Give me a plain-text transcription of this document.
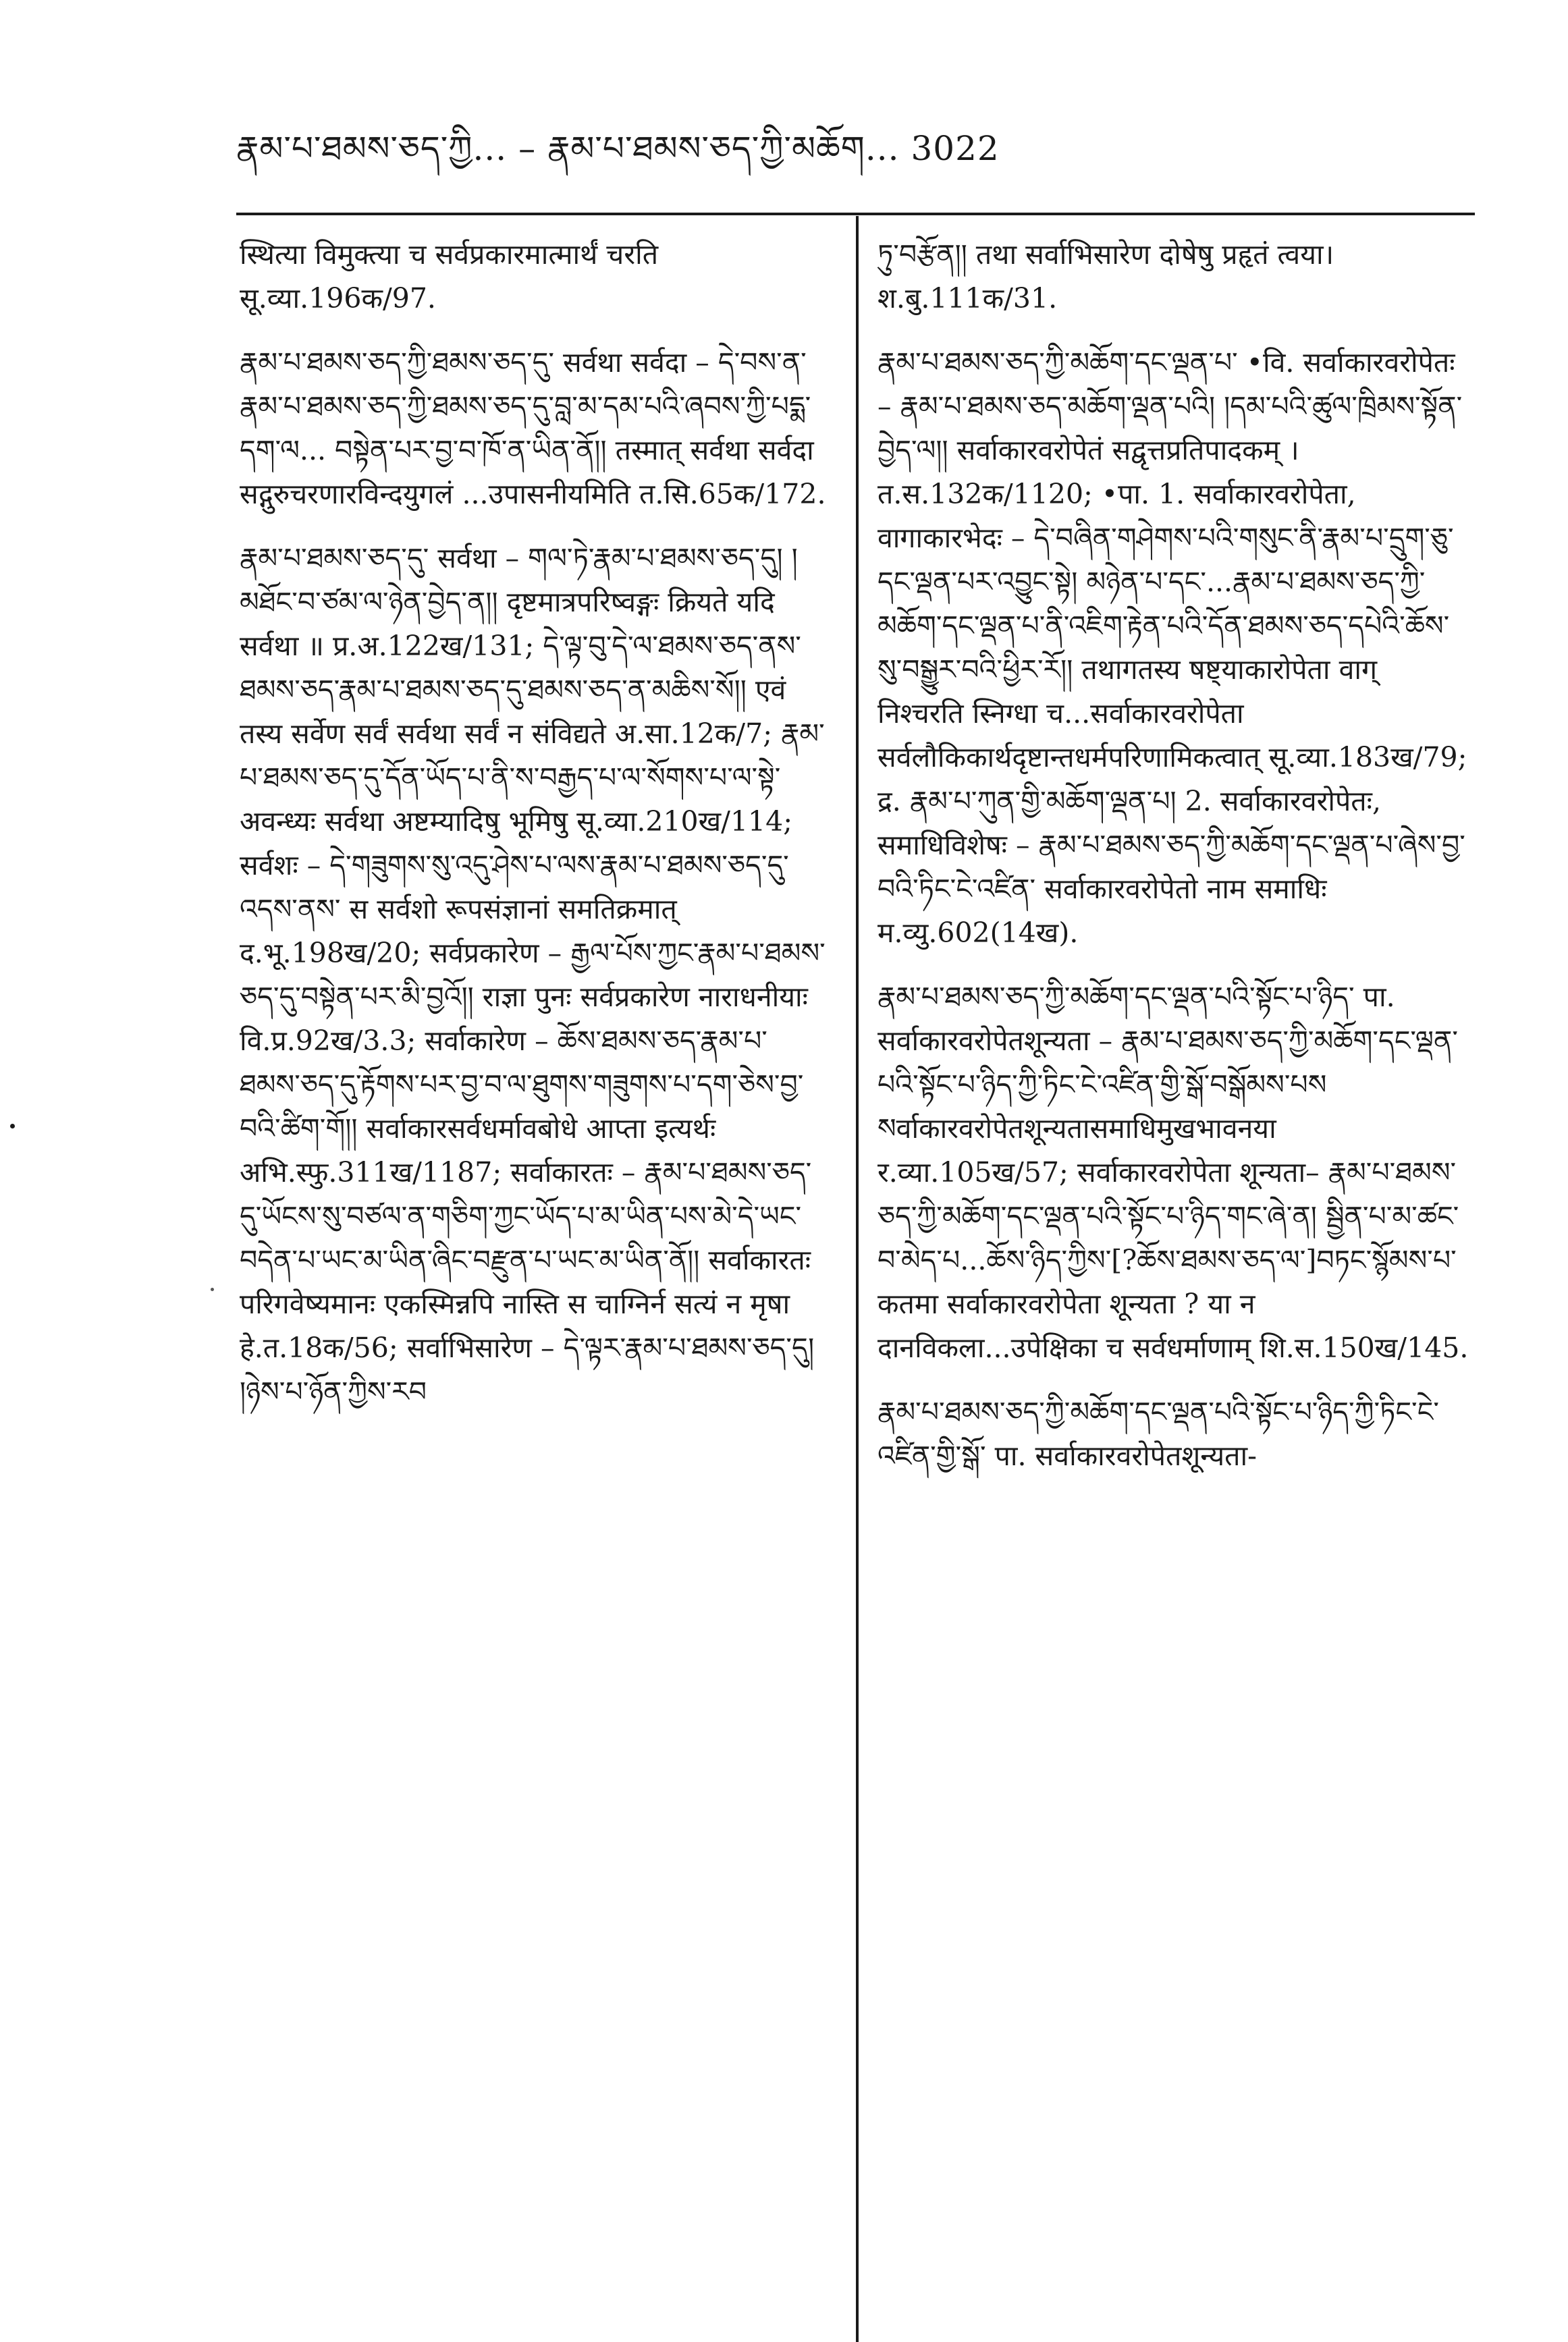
རྣམ་པ་ཐམས་ཅད་ཀྱི... – རྣམ་པ་ཐམས་ཅད་ཀྱི་མཆོག... 3022

स्थित्या विमुक्त्या च सर्वप्रकारमात्मार्थं चरति सू.व्या.196क/97.

རྣམ་པ་ཐམས་ཅད་ཀྱི་ཐམས་ཅད་དུ་ सर्वथा सर्वदा – དེ་བས་ན་རྣམ་པ་ཐམས་ཅད་ཀྱི་ཐམས་ཅད་དུ་བླ་མ་དམ་པའི་ཞབས་ཀྱི་པདྨ་དག་ལ... བསྟེན་པར་བྱ་བ་ཁོ་ན་ཡིན་ནོ།། तस्मात् सर्वथा सर्वदा सद्गुरुचरणारविन्दयुगलं ...उपासनीयमिति त.सि.65क/172.

རྣམ་པ་ཐམས་ཅད་དུ་ सर्वथा – གལ་ཏེ་རྣམ་པ་ཐམས་ཅད་དུ། །མཐོང་བ་ཙམ་ལ་ཉེན་བྱེད་ན།། दृष्टमात्रपरिष्वङ्गः क्रियते यदि सर्वथा ॥ प्र.अ.122ख/131; དེ་ལྟ་བུ་དེ་ལ་ཐམས་ཅད་ནས་ཐམས་ཅད་རྣམ་པ་ཐམས་ཅད་དུ་ཐམས་ཅད་ན་མཆིས་སོ།། एवं तस्य सर्वेण सर्वं सर्वथा सर्वं न संविद्यते अ.सा.12क/7; རྣམ་པ་ཐམས་ཅད་དུ་དོན་ཡོད་པ་ནི་ས་བརྒྱད་པ་ལ་སོགས་པ་ལ་སྟེ་ अवन्ध्यः सर्वथा अष्टम्यादिषु भूमिषु सू.व्या.210ख/114; सर्वशः – དེ་གཟུགས་སུ་འདུ་ཤེས་པ་ལས་རྣམ་པ་ཐམས་ཅད་དུ་འདས་ནས་ स सर्वशो रूपसंज्ञानां समतिक्रमात् द.भू.198ख/20; सर्वप्रकारेण – རྒྱལ་པོས་ཀྱང་རྣམ་པ་ཐམས་ཅད་དུ་བསྟེན་པར་མི་བྱའོ།། राज्ञा पुनः सर्वप्रकारेण नाराधनीयाः वि.प्र.92ख/3.3; सर्वाकारेण – ཆོས་ཐམས་ཅད་རྣམ་པ་ཐམས་ཅད་དུ་རྟོགས་པར་བྱ་བ་ལ་ཐུགས་གཟུགས་པ་དག་ཅེས་བྱ་བའི་ཚིག་གོ།། सर्वाकारसर्वधर्मावबोधे आप्ता इत्यर्थः अभि.स्फु.311ख/1187; सर्वाकारतः – རྣམ་པ་ཐམས་ཅད་དུ་ཡོངས་སུ་བཙལ་ན་གཅིག་ཀྱང་ཡོད་པ་མ་ཡིན་པས་མེ་དེ་ཡང་བདེན་པ་ཡང་མ་ཡིན་ཞིང་བརྫུན་པ་ཡང་མ་ཡིན་ནོ།། सर्वाकारतः परिगवेष्यमानः एकस्मिन्नपि नास्ति स चाग्निर्न सत्यं न मृषा हे.त.18क/56; सर्वाभिसारेण – དེ་ལྟར་རྣམ་པ་ཐམས་ཅད་དུ། །ཉེས་པ་ཉོན་ཀྱིས་རབ

ཏུ་བརྩོན།། तथा सर्वाभिसारेण दोषेषु प्रहृतं त्वया। श.बु.111क/31.

རྣམ་པ་ཐམས་ཅད་ཀྱི་མཆོག་དང་ལྡན་པ་ •वि. सर्वाकारवरोपेतः – རྣམ་པ་ཐམས་ཅད་མཆོག་ལྡན་པའི། །དམ་པའི་ཚུལ་ཁྲིམས་སྟོན་བྱེད་ལ།། सर्वाकारवरोपेतं सद्वृत्तप्रतिपादकम् । त.स.132क/1120; •पा. 1. सर्वाकारवरोपेता, वागाकारभेदः – དེ་བཞིན་གཤེགས་པའི་གསུང་ནི་རྣམ་པ་དྲུག་ཅུ་དང་ལྡན་པར་འབྱུང་སྟེ། མཉེན་པ་དང་...རྣམ་པ་ཐམས་ཅད་ཀྱི་མཆོག་དང་ལྡན་པ་ནི་འཇིག་རྟེན་པའི་དོན་ཐམས་ཅད་དཔེའི་ཆོས་སུ་བསྒྱུར་བའི་ཕྱིར་རོ།། तथागतस्य षष्ट्याकारोपेता वाग् निश्चरति स्निग्धा च...सर्वाकारवरोपेता सर्वलौकिकार्थदृष्टान्तधर्मपरिणामिकत्वात् सू.व्या.183ख/79; द्र. རྣམ་པ་ཀུན་གྱི་མཆོག་ལྡན་པ། 2. सर्वाकारवरोपेतः, समाधिविशेषः – རྣམ་པ་ཐམས་ཅད་ཀྱི་མཆོག་དང་ལྡན་པ་ཞེས་བྱ་བའི་ཏིང་ངེ་འཛིན་ सर्वाकारवरोपेतो नाम समाधिः म.व्यु.602(14ख).

རྣམ་པ་ཐམས་ཅད་ཀྱི་མཆོག་དང་ལྡན་པའི་སྟོང་པ་ཉིད་ पा. सर्वाकारवरोपेतशून्यता – རྣམ་པ་ཐམས་ཅད་ཀྱི་མཆོག་དང་ལྡན་པའི་སྟོང་པ་ཉིད་ཀྱི་ཏིང་ངེ་འཛིན་གྱི་སྒོ་བསྒོམས་པས སर्वाकारवरोपेतशून्यतासमाधिमुखभावनया र.व्या.105ख/57; सर्वाकारवरोपेता शून्यता– རྣམ་པ་ཐམས་ཅད་ཀྱི་མཆོག་དང་ལྡན་པའི་སྟོང་པ་ཉིད་གང་ཞེ་ན། སྦྱིན་པ་མ་ཚང་བ་མེད་པ...ཆོས་ཉིད་ཀྱིས་[?ཆོས་ཐམས་ཅད་ལ་]བཏང་སྙོམས་པ་ कतमा सर्वाकारवरोपेता शून्यता ? या न दानविकला...उपेक्षिका च सर्वधर्माणाम् शि.स.150ख/145.

རྣམ་པ་ཐམས་ཅད་ཀྱི་མཆོག་དང་ལྡན་པའི་སྟོང་པ་ཉིད་ཀྱི་ཏིང་ངེ་འཛིན་གྱི་སྒོ་ पा. सर्वाकारवरोपेतशून्यता-
